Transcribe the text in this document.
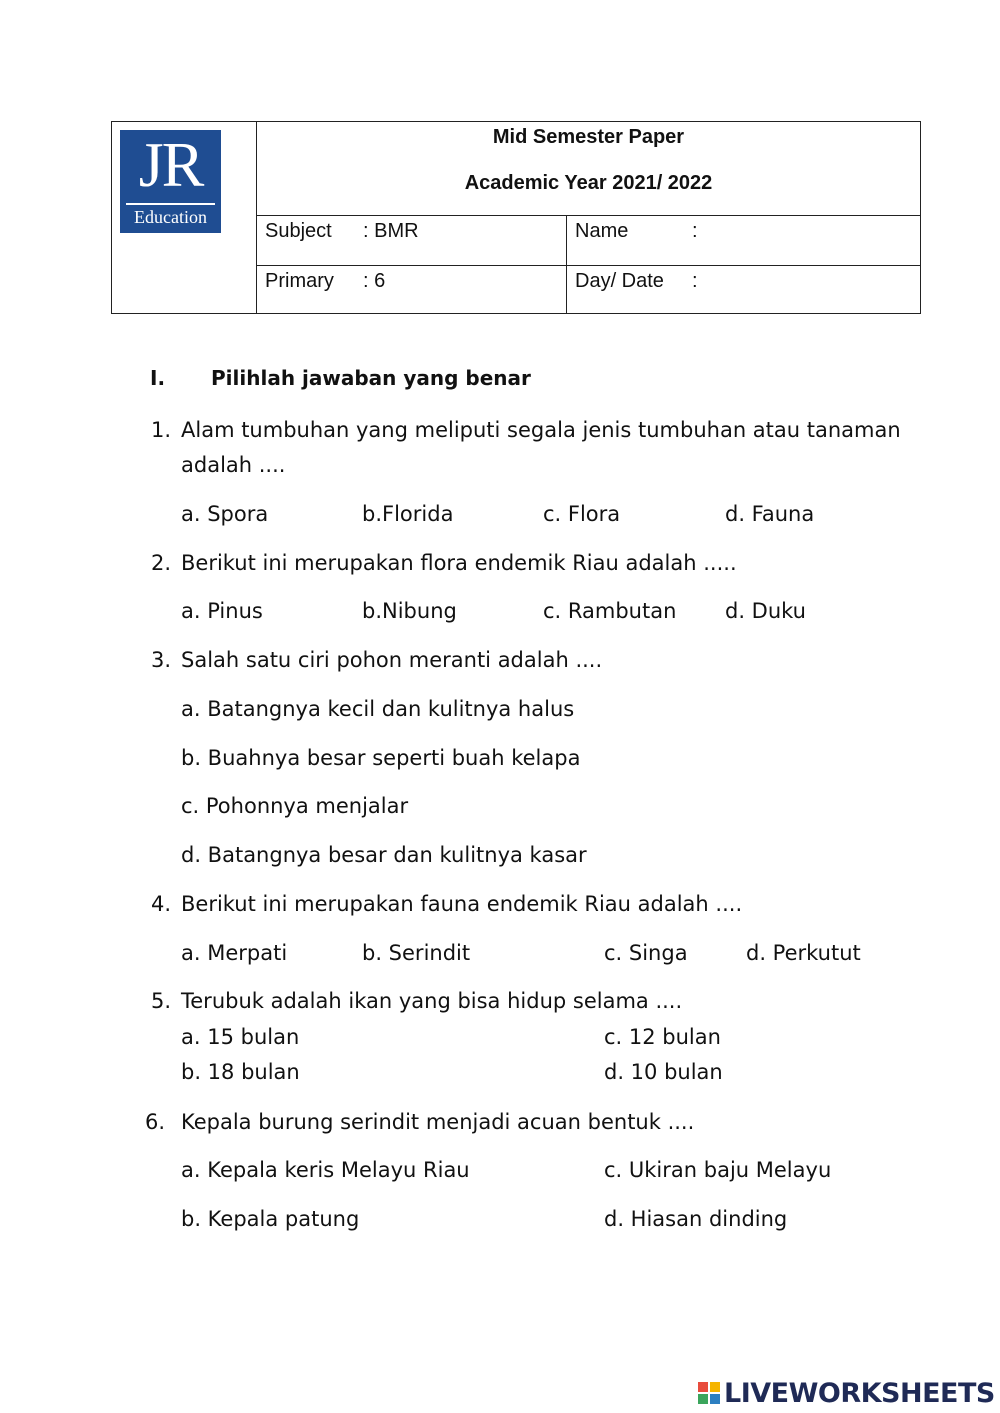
JR
Education
Mid Semester Paper
Academic Year 2021/ 2022
Subject : BMR	Name	:
Primary : 6	Day/ Date :
I. Pilihlah jawaban yang benar
1. Alam tumbuhan yang meliputi segala jenis tumbuhan atau tanaman
adalah ....
a. Spora	b.Florida	c. Flora	d. Fauna
2. Berikut ini merupakan flora endemik Riau adalah .....
a. Pinus	b.Nibung	c. Rambutan d. Duku
3. Salah satu ciri pohon meranti adalah ....
a. Batangnya kecil dan kulitnya halus
b. Buahnya besar seperti buah kelapa
c. Pohonnya menjalar
d. Batangnya besar dan kulitnya kasar
4. Berikut ini merupakan fauna endemik Riau adalah ....
a. Merpati	b. Serindit	c. Singa	d. Perkutut
5. Terubuk adalah ikan yang bisa hidup selama ....
a. 15 bulan
b. 18 bulan
c. 12 bulan
d. 10 bulan
6. Kepala burung serindit menjadi acuan bentuk ....
a. Kepala keris Melayu Riau
b. Kepala patung
c. Ukiran baju Melayu
d. Hiasan dinding
LIVEWORKSHEETS
